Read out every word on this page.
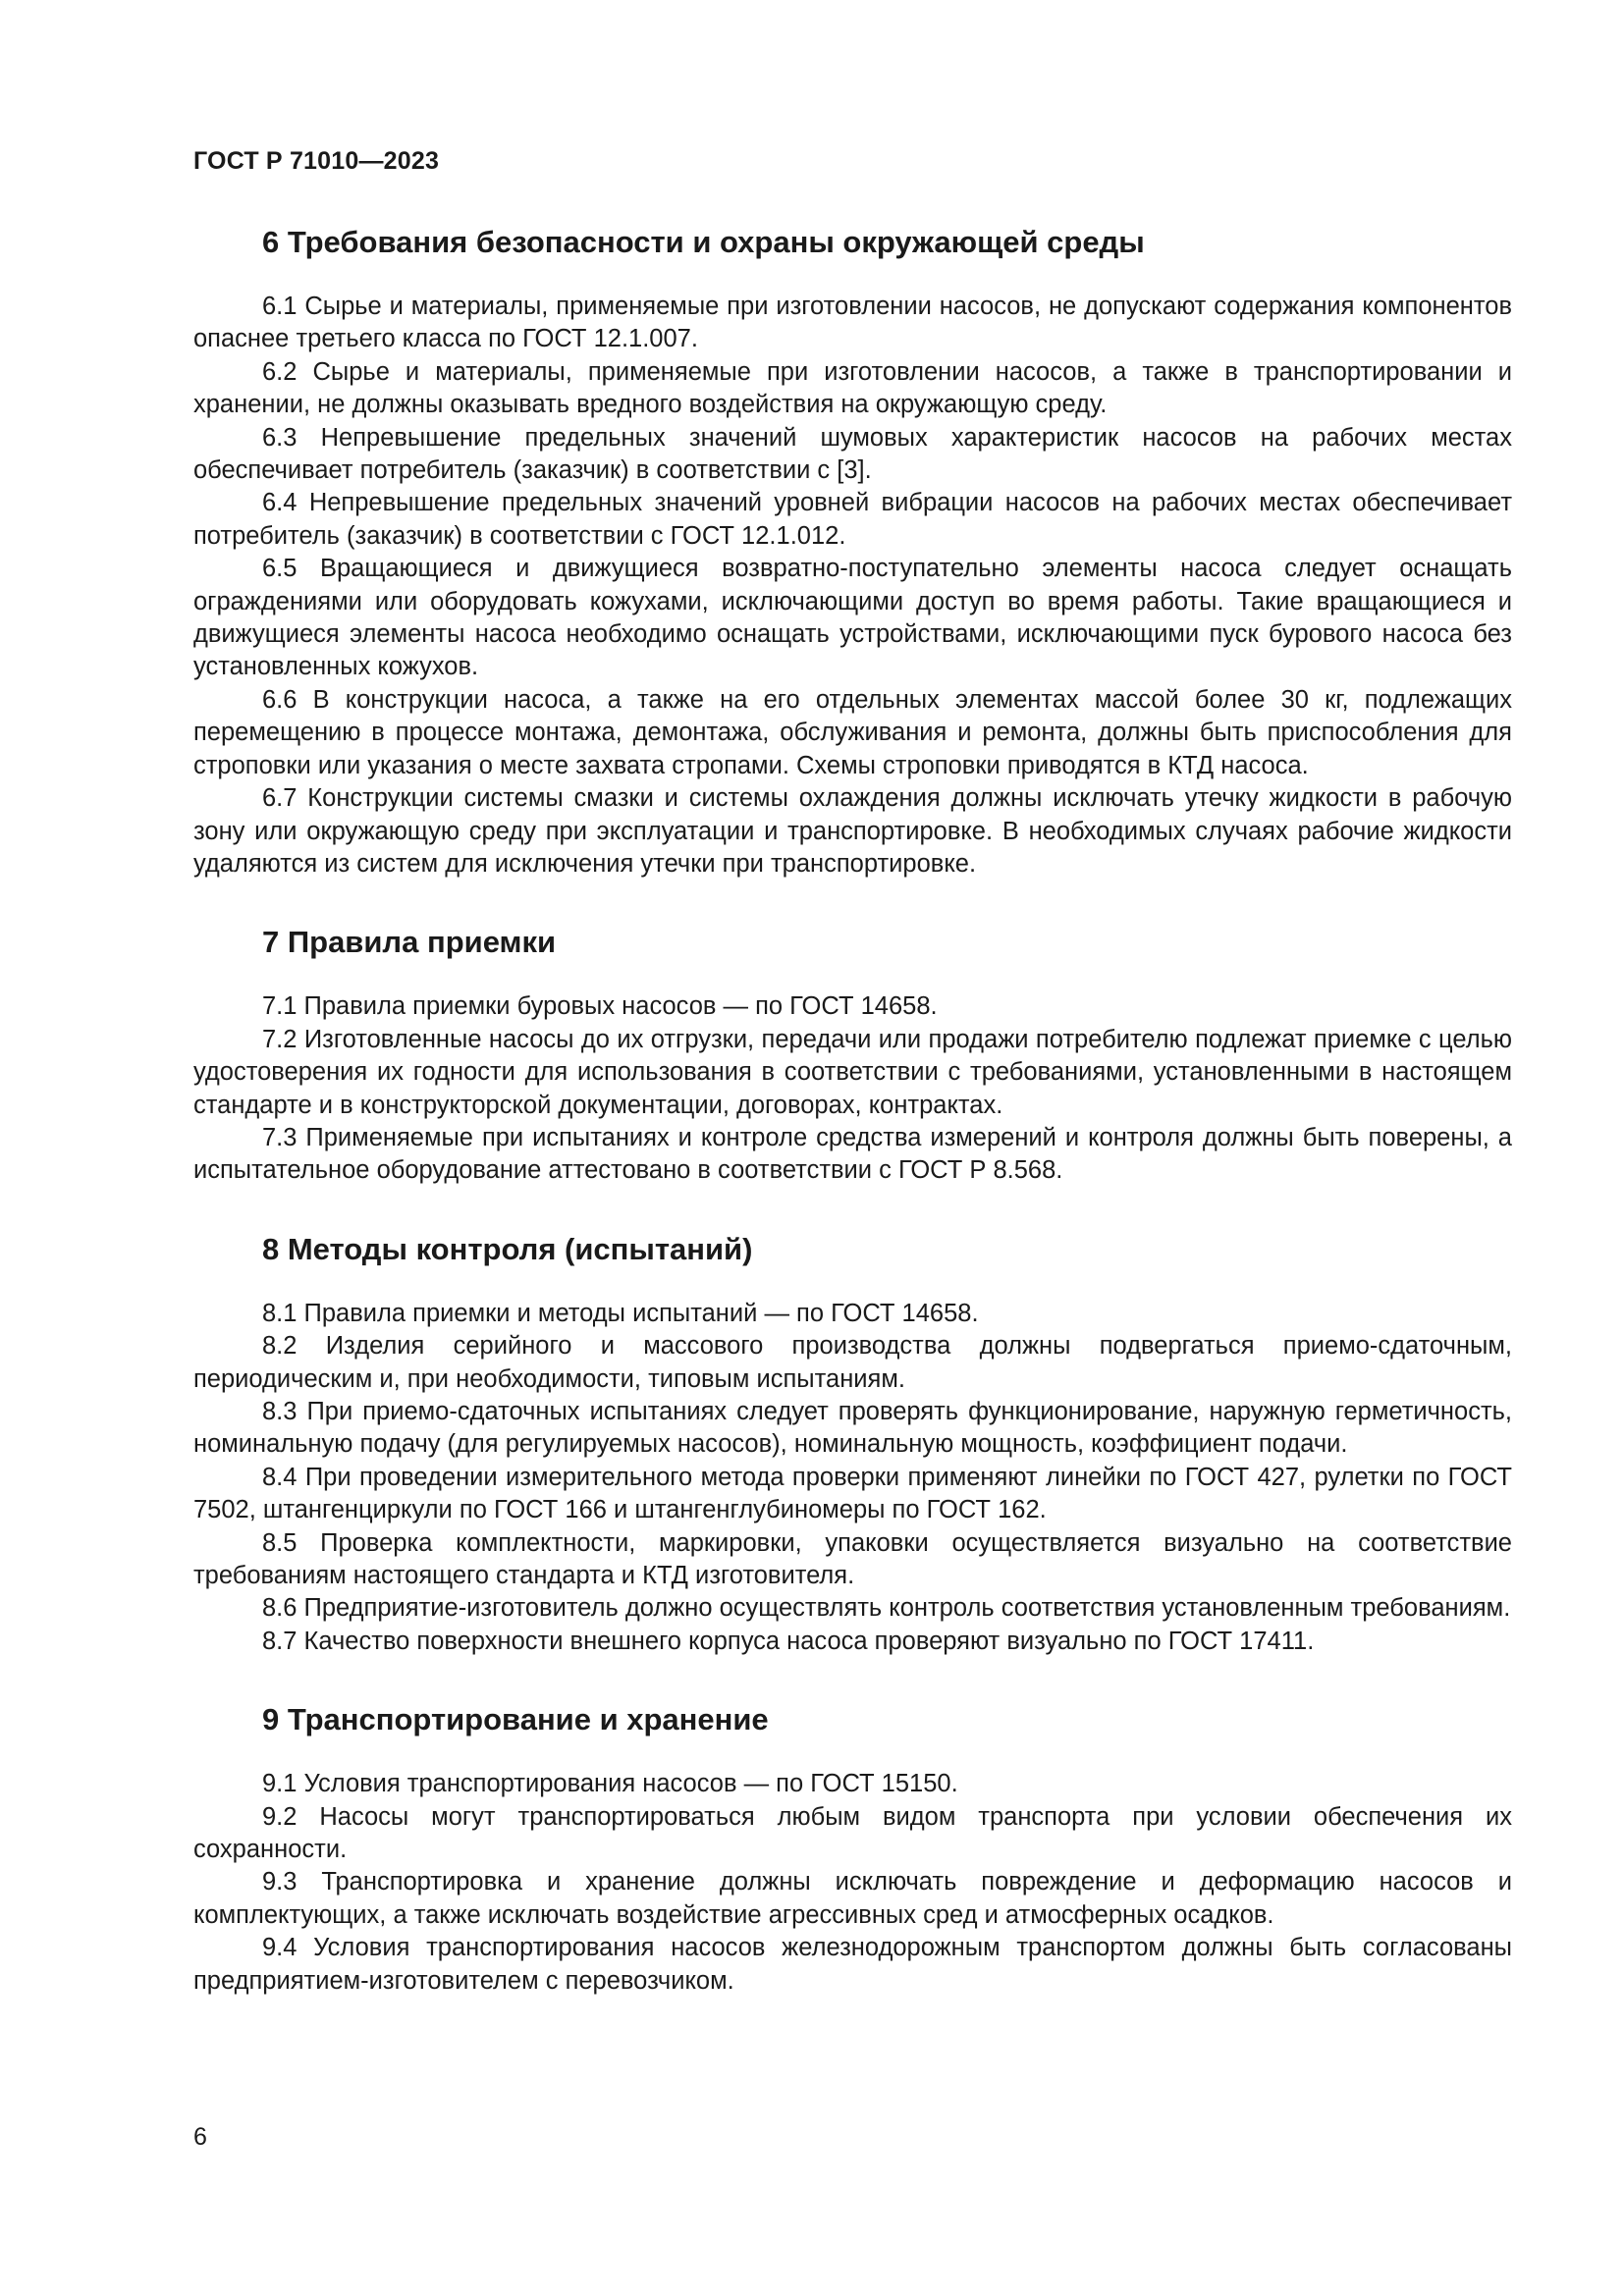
ГОСТ Р 71010—2023
6 Требования безопасности и охраны окружающей среды

6.1 Сырье и материалы, применяемые при изготовлении насосов, не допускают содержания компонентов опаснее третьего класса по ГОСТ 12.1.007.

6.2 Сырье и материалы, применяемые при изготовлении насосов, а также в транспортировании и хранении, не должны оказывать вредного воздействия на окружающую среду.

6.3 Непревышение предельных значений шумовых характеристик насосов на рабочих местах обеспечивает потребитель (заказчик) в соответствии с [3].

6.4 Непревышение предельных значений уровней вибрации насосов на рабочих местах обеспечивает потребитель (заказчик) в соответствии с ГОСТ 12.1.012.

6.5 Вращающиеся и движущиеся возвратно-поступательно элементы насоса следует оснащать ограждениями или оборудовать кожухами, исключающими доступ во время работы. Такие вращающиеся и движущиеся элементы насоса необходимо оснащать устройствами, исключающими пуск бурового насоса без установленных кожухов.

6.6 В конструкции насоса, а также на его отдельных элементах массой более 30 кг, подлежащих перемещению в процессе монтажа, демонтажа, обслуживания и ремонта, должны быть приспособления для строповки или указания о месте захвата стропами. Схемы строповки приводятся в КТД насоса.

6.7 Конструкции системы смазки и системы охлаждения должны исключать утечку жидкости в рабочую зону или окружающую среду при эксплуатации и транспортировке. В необходимых случаях рабочие жидкости удаляются из систем для исключения утечки при транспортировке.

7 Правила приемки

7.1 Правила приемки буровых насосов — по ГОСТ 14658.

7.2 Изготовленные насосы до их отгрузки, передачи или продажи потребителю подлежат приемке с целью удостоверения их годности для использования в соответствии с требованиями, установленными в настоящем стандарте и в конструкторской документации, договорах, контрактах.

7.3 Применяемые при испытаниях и контроле средства измерений и контроля должны быть поверены, а испытательное оборудование аттестовано в соответствии с ГОСТ Р 8.568.

8 Методы контроля (испытаний)

8.1 Правила приемки и методы испытаний — по ГОСТ 14658.

8.2 Изделия серийного и массового производства должны подвергаться приемо-сдаточным, периодическим и, при необходимости, типовым испытаниям.

8.3 При приемо-сдаточных испытаниях следует проверять функционирование, наружную герметичность, номинальную подачу (для регулируемых насосов), номинальную мощность, коэффициент подачи.

8.4 При проведении измерительного метода проверки применяют линейки по ГОСТ 427, рулетки по ГОСТ 7502, штангенциркули по ГОСТ 166 и штангенглубиномеры по ГОСТ 162.

8.5 Проверка комплектности, маркировки, упаковки осуществляется визуально на соответствие требованиям настоящего стандарта и КТД изготовителя.

8.6 Предприятие-изготовитель должно осуществлять контроль соответствия установленным требованиям.

8.7 Качество поверхности внешнего корпуса насоса проверяют визуально по ГОСТ 17411.

9 Транспортирование и хранение

9.1 Условия транспортирования насосов — по ГОСТ 15150.

9.2 Насосы могут транспортироваться любым видом транспорта при условии обеспечения их сохранности.

9.3 Транспортировка и хранение должны исключать повреждение и деформацию насосов и комплектующих, а также исключать воздействие агрессивных сред и атмосферных осадков.

9.4 Условия транспортирования насосов железнодорожным транспортом должны быть согласованы предприятием-изготовителем с перевозчиком.

6
